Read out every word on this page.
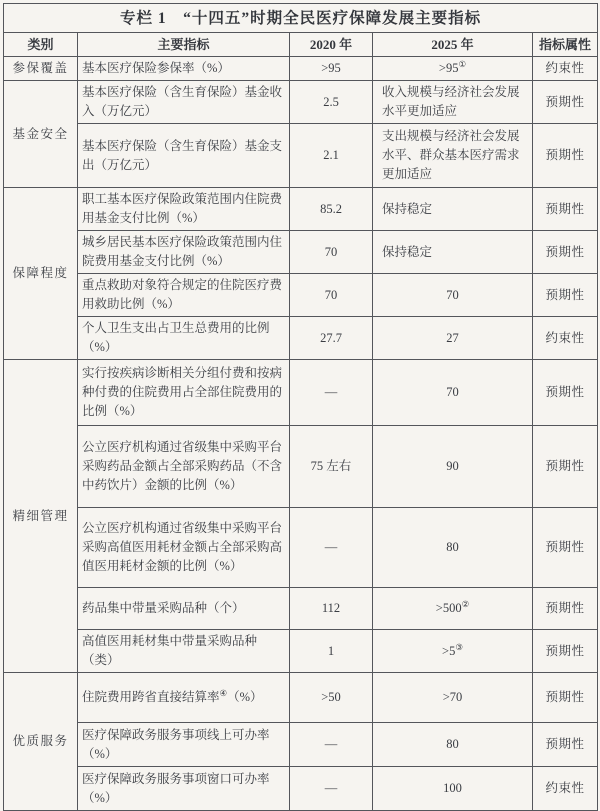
专栏 1　“十四五”时期全民医疗保障发展主要指标				
类别	主要指标	2020 年	2025 年	指标属性
参保覆盖	基本医疗保险参保率（%）	>95	>95①	约束性
基金安全	基本医疗保险（含生育保险）基金收入（万亿元）	2.5	收入规模与经济社会发展水平更加适应	预期性
	基本医疗保险（含生育保险）基金支出（万亿元）	2.1	支出规模与经济社会发展水平、群众基本医疗需求更加适应	预期性
保障程度	职工基本医疗保险政策范围内住院费用基金支付比例（%）	85.2	保持稳定	预期性
	城乡居民基本医疗保险政策范围内住院费用基金支付比例（%）	70	保持稳定	预期性
	重点救助对象符合规定的住院医疗费用救助比例（%）	70	70	预期性
	个人卫生支出占卫生总费用的比例（%）	27.7	27	约束性
精细管理	实行按疾病诊断相关分组付费和按病种付费的住院费用占全部住院费用的比例（%）	—	70	预期性
	公立医疗机构通过省级集中采购平台采购药品金额占全部采购药品（不含中药饮片）金额的比例（%）	75 左右	90	预期性
	公立医疗机构通过省级集中采购平台采购高值医用耗材金额占全部采购高值医用耗材金额的比例（%）	—	80	预期性
	药品集中带量采购品种（个）	112	>500②	预期性
	高值医用耗材集中带量采购品种（类）	1	>5③	预期性
优质服务	住院费用跨省直接结算率④（%）	>50	>70	预期性
	医疗保障政务服务事项线上可办率（%）	—	80	预期性
	医疗保障政务服务事项窗口可办率（%）	—	100	约束性
